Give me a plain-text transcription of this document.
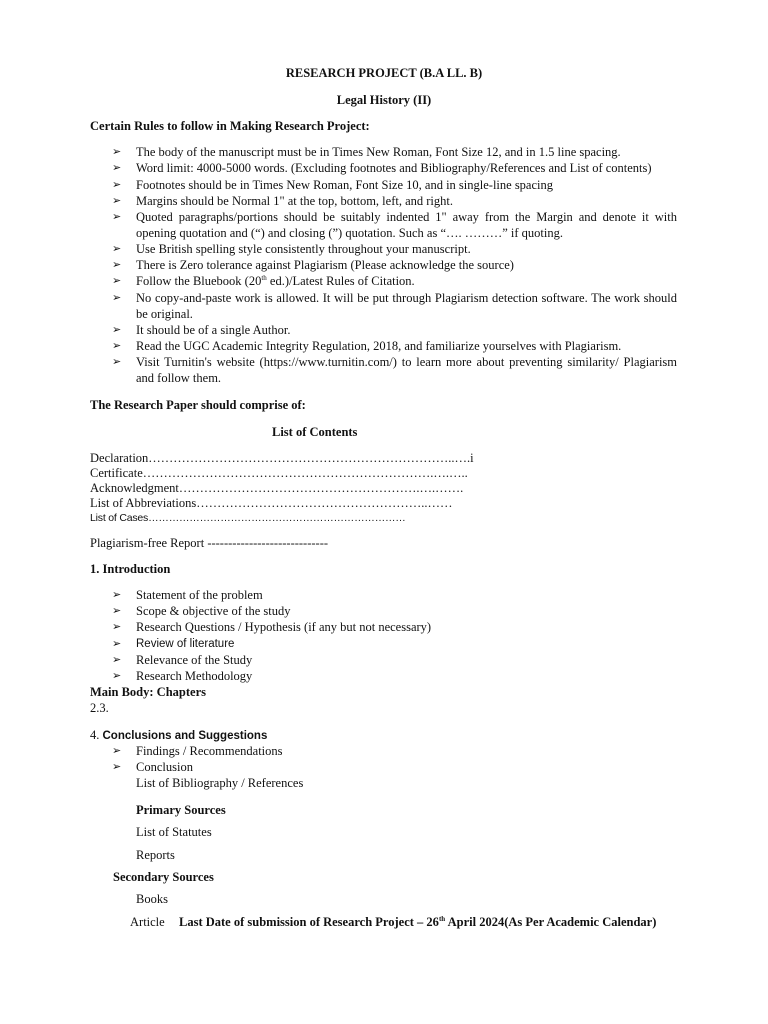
RESEARCH PROJECT (B.A LL. B)
Legal History (II)
Certain Rules to follow in Making Research Project:
➢ The body of the manuscript must be in Times New Roman, Font Size 12, and in 1.5 line spacing.
➢ Word limit: 4000-5000 words. (Excluding footnotes and Bibliography/References and List of contents)
➢ Footnotes should be in Times New Roman, Font Size 10, and in single-line spacing
➢ Margins should be Normal 1" at the top, bottom, left, and right.
➢ Quoted paragraphs/portions should be suitably indented 1" away from the Margin and denote it with opening quotation and (“) and closing (”) quotation. Such as “…. ………” if quoting.
➢ Use British spelling style consistently throughout your manuscript.
➢ There is Zero tolerance against Plagiarism (Please acknowledge the source)
➢ Follow the Bluebook (20th ed.)/Latest Rules of Citation.
➢ No copy-and-paste work is allowed. It will be put through Plagiarism detection software. The work should be original.
➢ It should be of a single Author.
➢ Read the UGC Academic Integrity Regulation, 2018, and familiarize yourselves with Plagiarism.
➢ Visit Turnitin's website (https://www.turnitin.com/) to learn more about preventing similarity/ Plagiarism and follow them.
The Research Paper should comprise of:
List of Contents
Declaration………………………………………………………………..….i
Certificate…………………………………………………………….….…..
Acknowledgment………………………………………………….….…….
List of Abbreviations………………………………………………..……
List of Cases…………………………………………………………………
Plagiarism-free Report -----------------------------
1. Introduction
➢ Statement of the problem
➢ Scope & objective of the study
➢ Research Questions / Hypothesis (if any but not necessary)
➢ Review of literature
➢ Relevance of the Study
➢ Research Methodology
Main Body: Chapters
2.3.
4. Conclusions and Suggestions
➢ Findings / Recommendations
➢ Conclusion
List of Bibliography / References
Primary Sources
List of Statutes
Reports
Secondary Sources
Books
Article Last Date of submission of Research Project – 26th April 2024(As Per Academic Calendar)
